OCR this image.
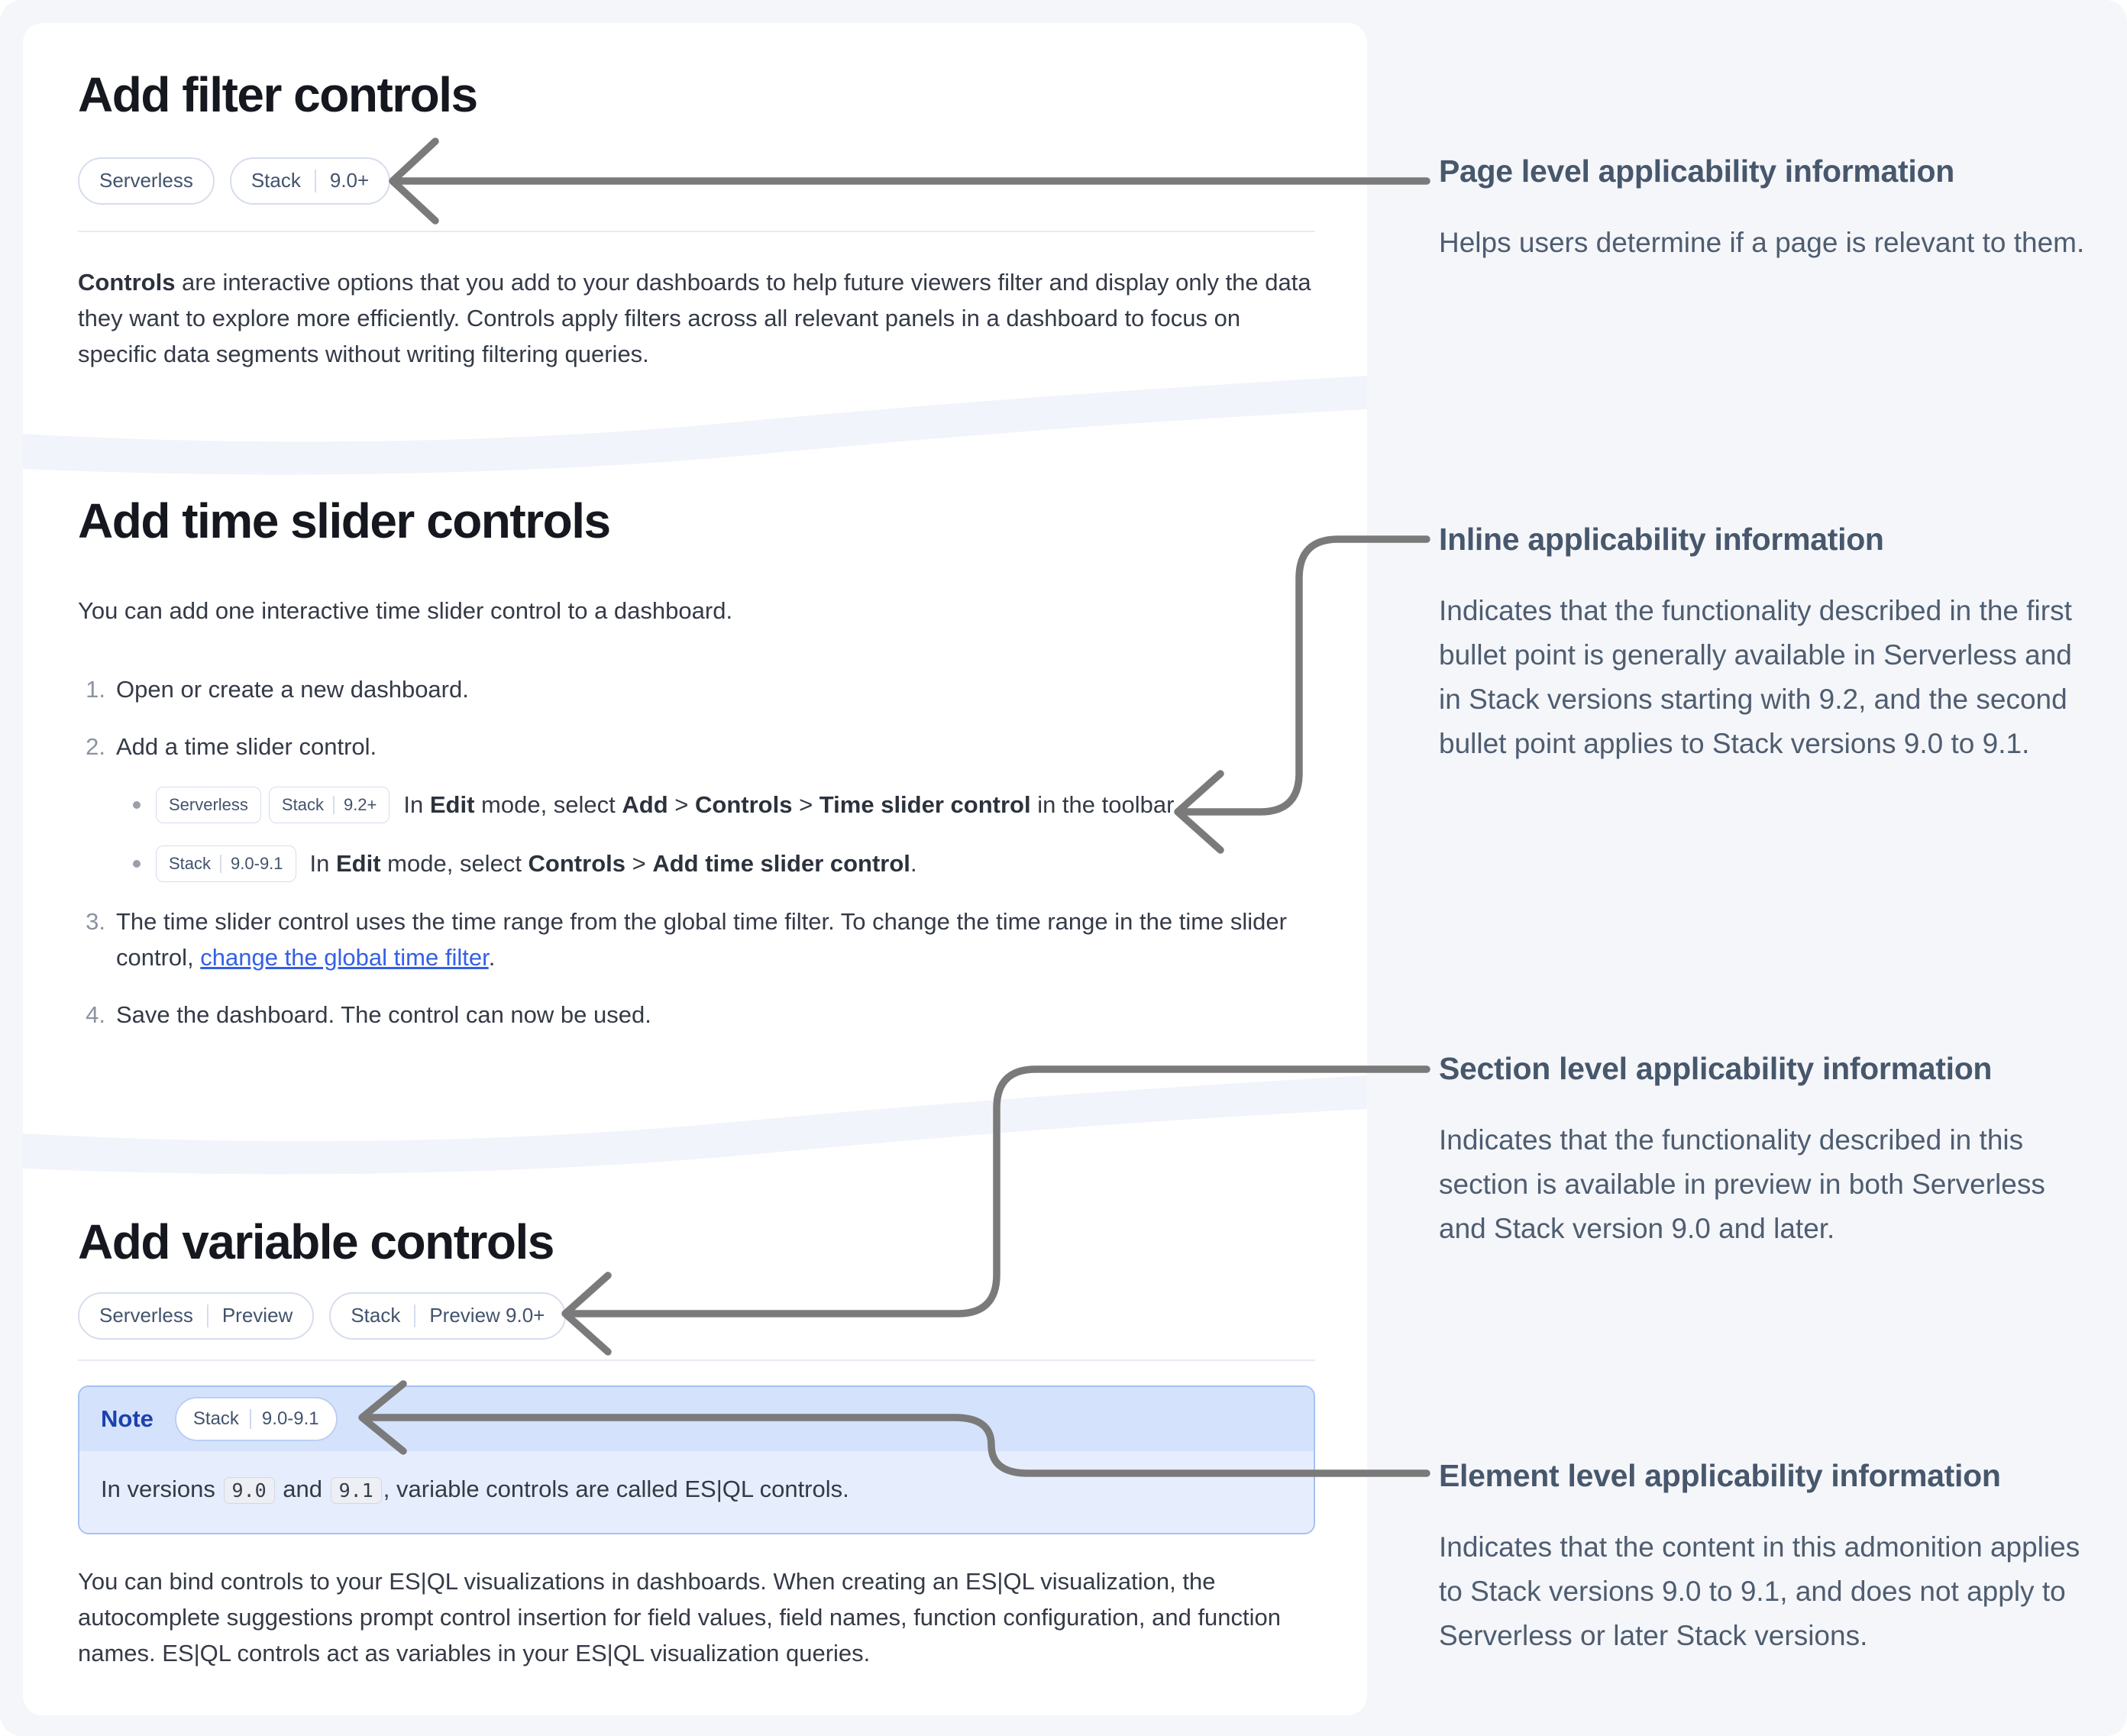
Add filter controls
Serverless	Stack 9.0+

Controls are interactive options that you add to your dashboards to help future viewers filter and display only the data they want to explore more efficiently. Controls apply filters across all relevant panels in a dashboard to focus on specific data segments without writing filtering queries.

Add time slider controls

You can add one interactive time slider control to a dashboard.

1. Open or create a new dashboard.
2. Add a time slider control.
Serverless Stack 9.2+ In Edit mode, select Add > Controls > Time slider control in the toolbar.
Stack 9.0-9.1 In Edit mode, select Controls > Add time slider control.
3. The time slider control uses the time range from the global time filter. To change the time range in the time slider control, change the global time filter.
4. Save the dashboard. The control can now be used.
Add variable controls
Serverless Preview	Stack Preview 9.0+
Note Stack 9.0-9.1
In versions 9.0 and 9.1 , variable controls are called ES|QL controls.

You can bind controls to your ES|QL visualizations in dashboards. When creating an ES|QL visualization, the autocomplete suggestions prompt control insertion for field values, field names, function configuration, and function names. ES|QL controls act as variables in your ES|QL visualization queries.

Page level applicability information

Helps users determine if a page is relevant to them.

Inline applicability information

Indicates that the functionality described in the first bullet point is generally available in Serverless and in Stack versions starting with 9.2, and the second bullet point applies to Stack versions 9.0 to 9.1.

Section level applicability information

Indicates that the functionality described in this section is available in preview in both Serverless and Stack version 9.0 and later.

Element level applicability information

Indicates that the content in this admonition applies to Stack versions 9.0 to 9.1, and does not apply to Serverless or later Stack versions.
